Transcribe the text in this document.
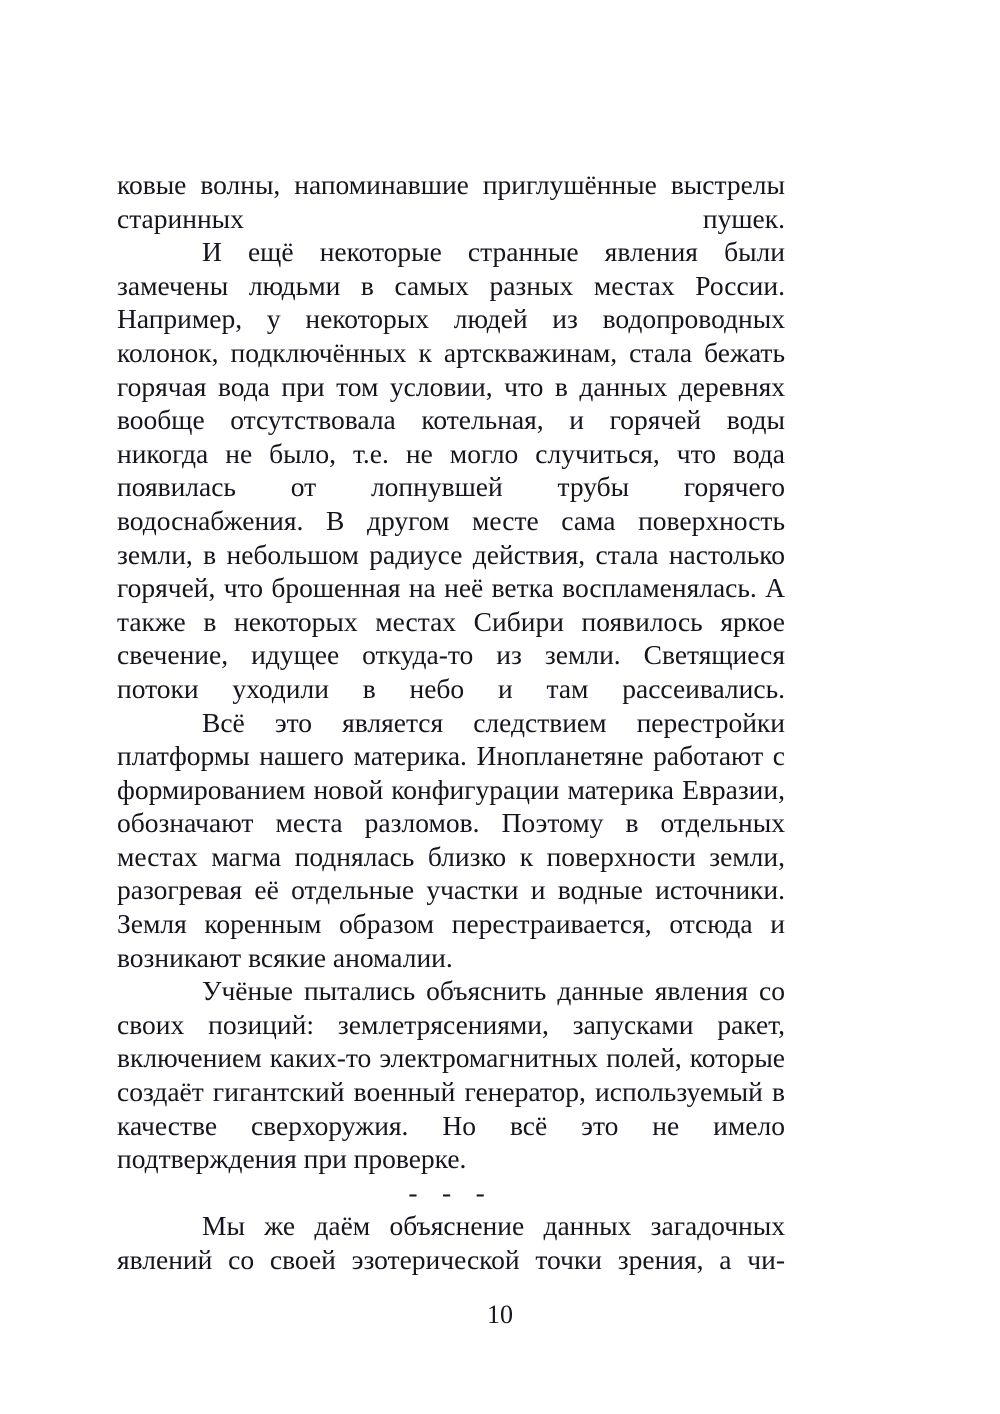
ковые волны, напоминавшие приглушённые выстрелы старинных пушек.

И ещё некоторые странные явления были замечены людьми в самых разных местах России. Например, у некоторых людей из водопроводных колонок, подключённых к артскважинам, стала бежать горячая вода при том условии, что в данных деревнях вообще отсутствовала котельная, и горячей воды никогда не было, т.е. не могло случиться, что вода появилась от лопнувшей трубы горячего водоснабжения. В другом месте сама поверхность земли, в небольшом радиусе действия, стала настолько горячей, что брошенная на неё ветка воспламенялась. А также в некоторых местах Сибири появилось яркое свечение, идущее откуда-то из земли. Светящиеся потоки уходили в небо и там рассеивались.

Всё это является следствием перестройки платформы нашего материка. Инопланетяне работают с формированием новой конфигурации материка Евразии, обозначают места разломов. Поэтому в отдельных местах магма поднялась близко к поверхности земли, разогревая её отдельные участки и водные источники. Земля коренным образом перестраивается, отсюда и возникают всякие аномалии.

Учёные пытались объяснить данные явления со своих позиций: землетрясениями, запусками ракет, включением каких-то электромагнитных полей, которые создаёт гигантский военный генератор, используемый в качестве сверхоружия. Но всё это не имело подтверждения при проверке.

- - -

Мы же даём объяснение данных загадочных явлений со своей эзотерической точки зрения, а чи-

10
